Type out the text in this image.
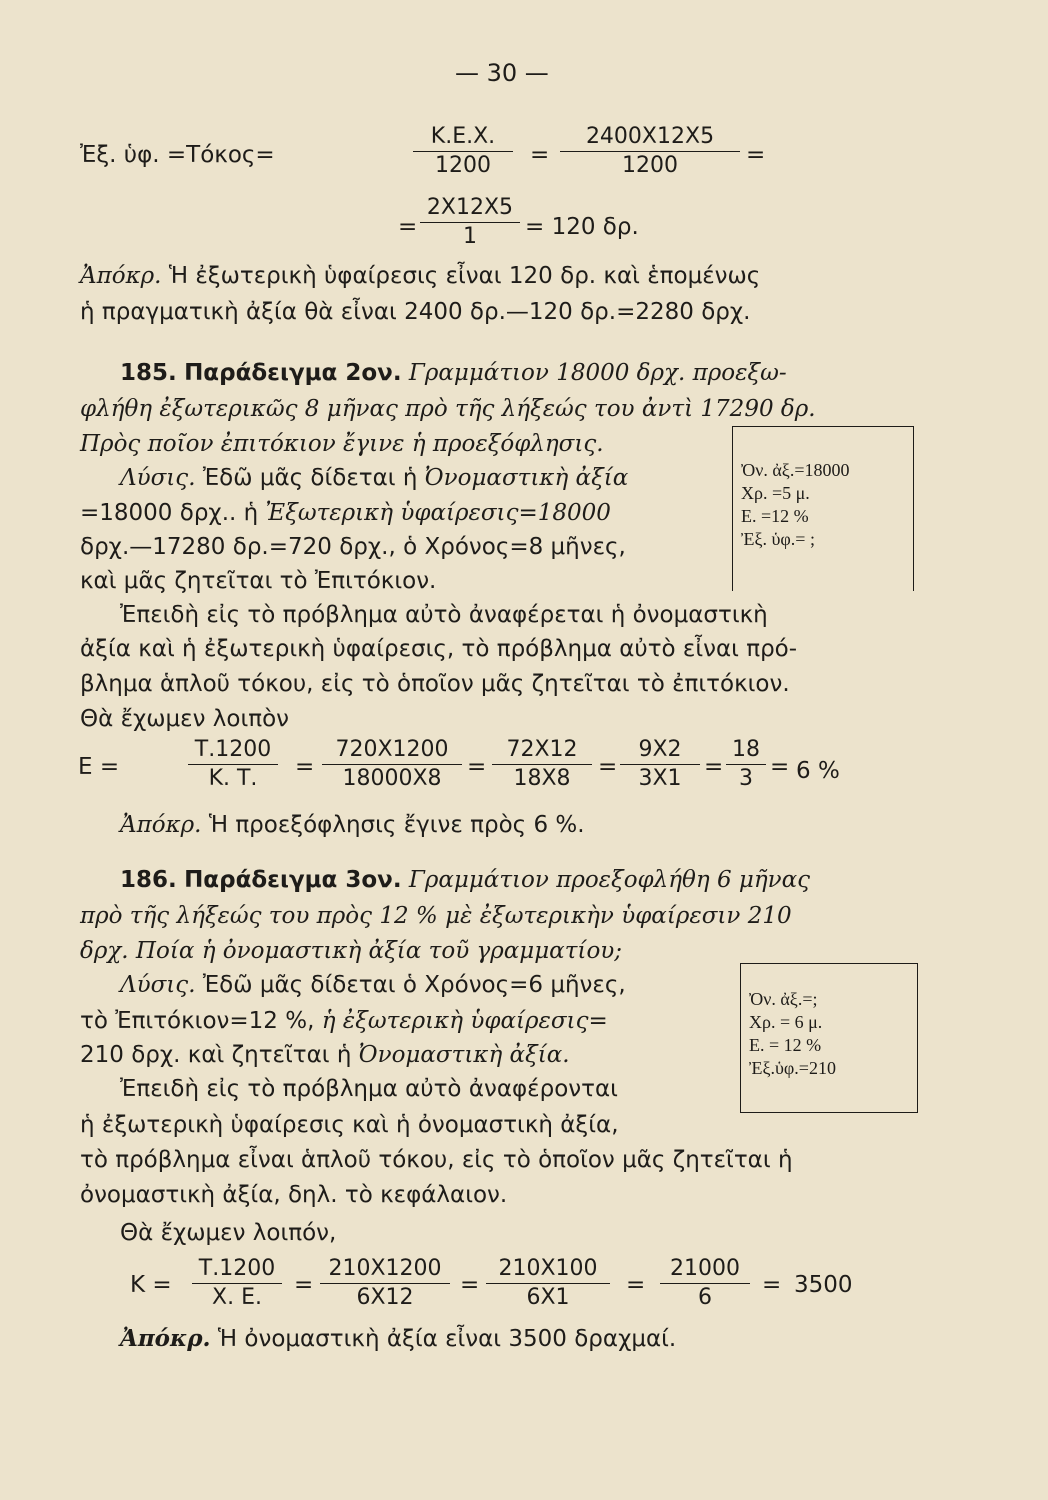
— 30 —
Ἐξ. ὑφ. =Τόκος=	$\frac{K.E.X.}{1200} = \frac{2400X12X5}{1200}$ =
= $\frac{2X12X5}{1} = 120$ δρ.
Ἀπόκρ. Ἡ ἐξωτερικὴ ὑφαίρεσις εἶναι 120 δρ. καὶ ἑπομένως
ἡ πραγματικὴ ἀξία θὰ εἶναι 2400 δρ.—120 δρ.=2280 δρχ.
185. Παράδειγμα 2ον. Γραμμάτιον 18000 δρχ. προεξω-
φλήθη ἐξωτερικῶς 8 μῆνας πρὸ τῆς λήξεώς του ἀντὶ 17290 δρ.
Πρὸς ποῖον ἐπιτόκιον ἔγινε ἡ προεξόφλησις.
Λύσις. Ἐδῶ μᾶς δίδεται ἡ Ὀνομαστικὴ ἀξία
=18000 δρχ.. ἡ Ἐξωτερικὴ ὑφαίρεσις=18000
δρχ.—17280 δρ.=720 δρχ., ὁ Χρόνος=8 μῆνες,
καὶ μᾶς ζητεῖται τὸ Ἐπιτόκιον.
Ὀν. ἀξ.=18000
Χρ. =5 μ.
Ε. =12 %
Ἐξ. ὑφ.= ;
Ἐπειδὴ εἰς τὸ πρόβλημα αὐτὸ ἀναφέρεται ἡ ὀνομαστικὴ
ἀξία καὶ ἡ ἐξωτερικὴ ὑφαίρεσις, τὸ πρόβλημα αὐτὸ εἶναι πρό-
βλημα ἁπλοῦ τόκου, εἰς τὸ ὁποῖον μᾶς ζητεῖται τὸ ἐπιτόκιον.
Θὰ ἔχωμεν λοιπὸν
Ε =	$\frac{T.1200}{K. T.} = \frac{720X1200}{18000X8} = \frac{72X12}{18X8} = \frac{9X2}{3X1} = \frac{18}{3} = 6$ %
Ἀπόκρ. Ἡ προεξόφλησις ἔγινε πρὸς 6 %.
186. Παράδειγμα 3ον. Γραμμάτιον προεξοφλήθη 6 μῆνας
πρὸ τῆς λήξεώς του πρὸς 12 % μὲ ἐξωτερικὴν ὑφαίρεσιν 210
δρχ. Ποία ἡ ὀνομαστικὴ ἀξία τοῦ γραμματίου;
Λύσις. Ἐδῶ μᾶς δίδεται ὁ Χρόνος=6 μῆνες,
τὸ Ἐπιτόκιον=12 %, ἡ ἐξωτερικὴ ὑφαίρεσις=
210 δρχ. καὶ ζητεῖται ἡ Ὀνομαστικὴ ἀξία.
Ὀν. ἀξ.=;
Χρ. = 6 μ.
Ε. = 12 %
Ἐξ.ὑφ.=210
Ἐπειδὴ εἰς τὸ πρόβλημα αὐτὸ ἀναφέρονται
ἡ ἐξωτερικὴ ὑφαίρεσις καὶ ἡ ὀνομαστικὴ ἀξία,
τὸ πρόβλημα εἶναι ἁπλοῦ τόκου, εἰς τὸ ὁποῖον μᾶς ζητεῖται ἡ
ὀνομαστικὴ ἀξία, δηλ. τὸ κεφάλαιον.
Θὰ ἔχωμεν λοιπόν,
$K = \frac{T.1200}{X. E.} = \frac{210X1200}{6X12} = \frac{210X100}{6X1} = \frac{21000}{6} = 3500$
Ἀπόκρ. Ἡ ὀνομαστικὴ ἀξία εἶναι 3500 δραχμαί.
